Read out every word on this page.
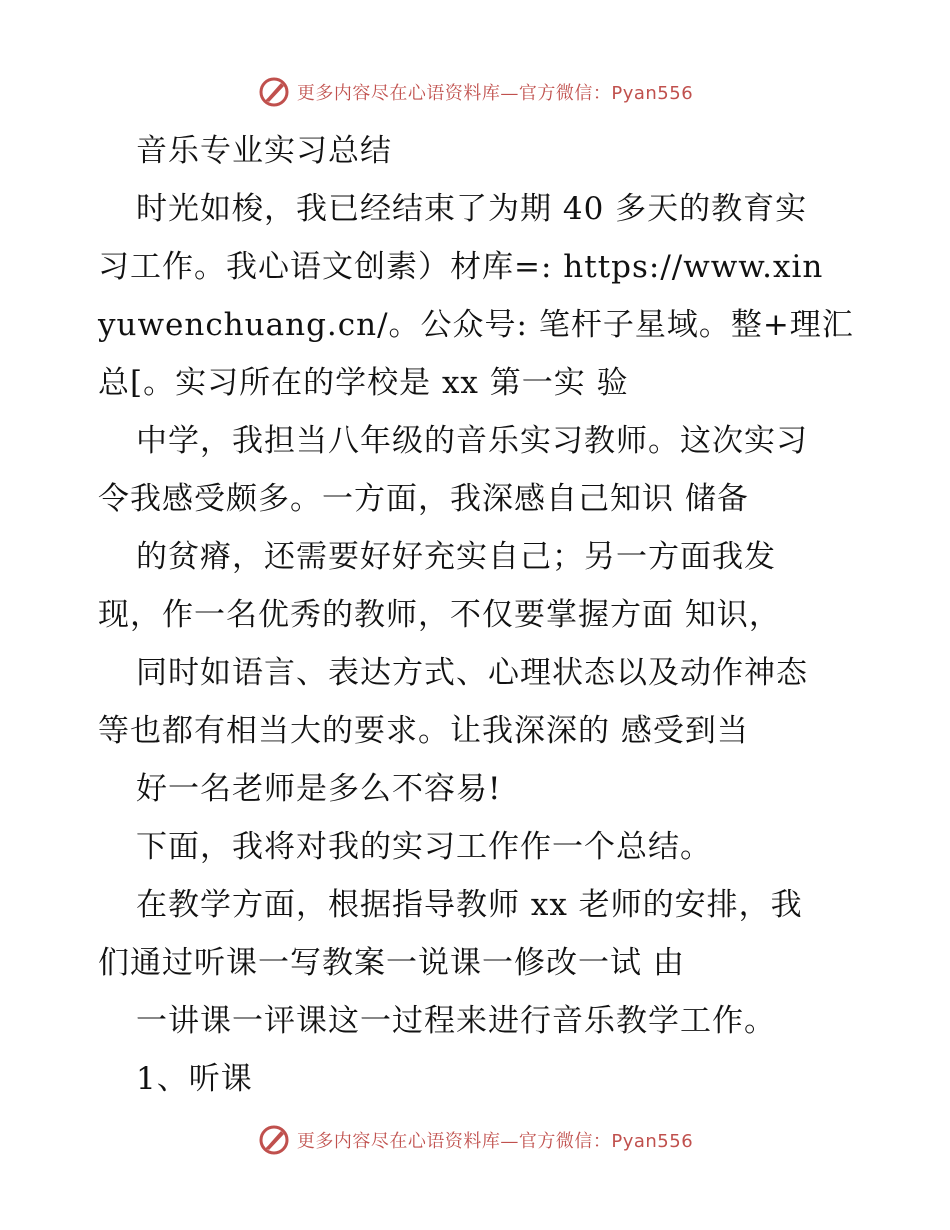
更多内容尽在心语资料库—官方微信：Pyan556
音乐专业实习总结
时光如梭，我已经结束了为期 40 多天的教育实
习工作。我心语文创素）材库=: https://www.xin
yuwenchuang.cn/。公众号: 笔杆子星域。整+理汇
总[。实习所在的学校是 xx 第一实 验
中学，我担当八年级的音乐实习教师。这次实习
令我感受颇多。一方面，我深感自己知识 储备
的贫瘠，还需要好好充实自己；另一方面我发
现，作一名优秀的教师，不仅要掌握方面 知识，
同时如语言、表达方式、心理状态以及动作神态
等也都有相当大的要求。让我深深的 感受到当
好一名老师是多么不容易!
下面，我将对我的实习工作作一个总结。
在教学方面，根据指导教师 xx 老师的安排，我
们通过听课一写教案一说课一修改一试 由
一讲课一评课这一过程来进行音乐教学工作。
1、听课
更多内容尽在心语资料库—官方微信：Pyan556
